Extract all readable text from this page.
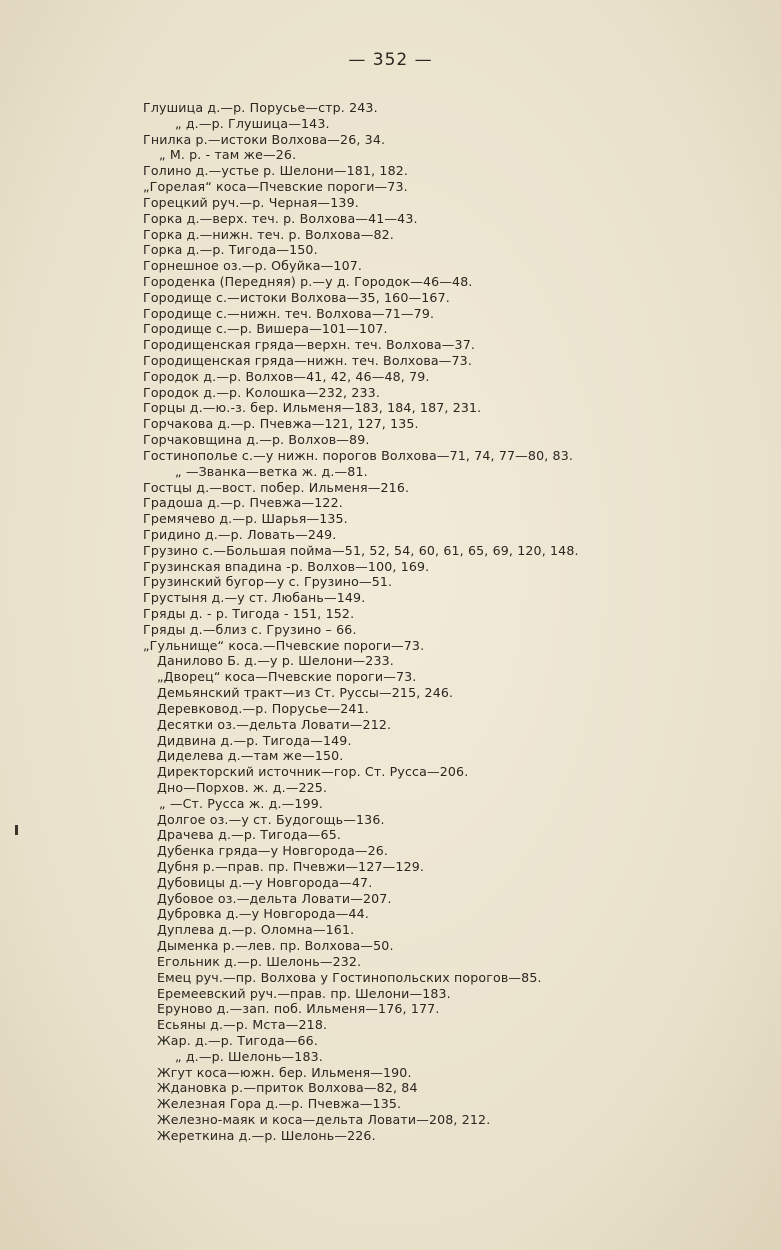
— 352 —
Глушица д.—р. Порусье—стр. 243.
„ д.—р. Глушица—143.
Гнилка р.—истоки Волхова—26, 34.
„ М. р. - там же—26.
Голино д.—устье р. Шелони—181, 182.
„Горелая“ коса—Пчевские пороги—73.
Горецкий руч.—р. Черная—139.
Горка д.—верх. теч. р. Волхова—41—43.
Горка д.—нижн. теч. р. Волхова—82.
Горка д.—р. Тигода—150.
Горнешное оз.—р. Обуйка—107.
Городенка (Передняя) р.—у д. Городок—46—48.
Городище с.—истоки Волхова—35, 160—167.
Городище с.—нижн. теч. Волхова—71—79.
Городище с.—р. Вишера—101—107.
Городищенская гряда—верхн. теч. Волхова—37.
Городищенская гряда—нижн. теч. Волхова—73.
Городок д.—р. Волхов—41, 42, 46—48, 79.
Городок д.—р. Колошка—232, 233.
Горцы д.—ю.-з. бер. Ильменя—183, 184, 187, 231.
Горчакова д.—р. Пчевжа—121, 127, 135.
Горчаковщина д.—р. Волхов—89.
Гостинополье с.—у нижн. порогов Волхова—71, 74, 77—80, 83.
„ —Званка—ветка ж. д.—81.
Гостцы д.—вост. побер. Ильменя—216.
Градоша д.—р. Пчевжа—122.
Гремячево д.—р. Шарья—135.
Гридино д.—р. Ловать—249.
Грузино с.—Большая пойма—51, 52, 54, 60, 61, 65, 69, 120, 148.
Грузинская впадина -р. Волхов—100, 169.
Грузинский бугор—у с. Грузино—51.
Грустыня д.—у ст. Любань—149.
Гряды д. - р. Тигода - 151, 152.
Гряды д.—близ с. Грузино – 66.
„Гульнище“ коса.—Пчевские пороги—73.
Данилово Б. д.—у р. Шелони—233.
„Дворец“ коса—Пчевские пороги—73.
Демьянский тракт—из Ст. Руссы—215, 246.
Деревковод.—р. Порусье—241.
Десятки оз.—дельта Ловати—212.
Дидвина д.—р. Тигода—149.
Диделева д.—там же—150.
Директорский источник—гор. Ст. Русса—206.
Дно—Порхов. ж. д.—225.
„ —Ст. Русса ж. д.—199.
Долгое оз.—у ст. Будогощь—136.
Драчева д.—р. Тигода—65.
Дубенка гряда—у Новгорода—26.
Дубня р.—прав. пр. Пчевжи—127—129.
Дубовицы д.—у Новгорода—47.
Дубовое оз.—дельта Ловати—207.
Дубровка д.—у Новгорода—44.
Дуплева д.—р. Оломна—161.
Дыменка р.—лев. пр. Волхова—50.
Егольник д.—р. Шелонь—232.
Емец руч.—пр. Волхова у Гостинопольских порогов—85.
Еремеевский руч.—прав. пр. Шелони—183.
Еруново д.—зап. поб. Ильменя—176, 177.
Есьяны д.—р. Мста—218.
Жар. д.—р. Тигода—66.
„ д.—р. Шелонь—183.
Жгут коса—южн. бер. Ильменя—190.
Ждановка р.—приток Волхова—82, 84
Железная Гора д.—р. Пчевжа—135.
Железно-маяк и коса—дельта Ловати—208, 212.
Жереткина д.—р. Шелонь—226.
